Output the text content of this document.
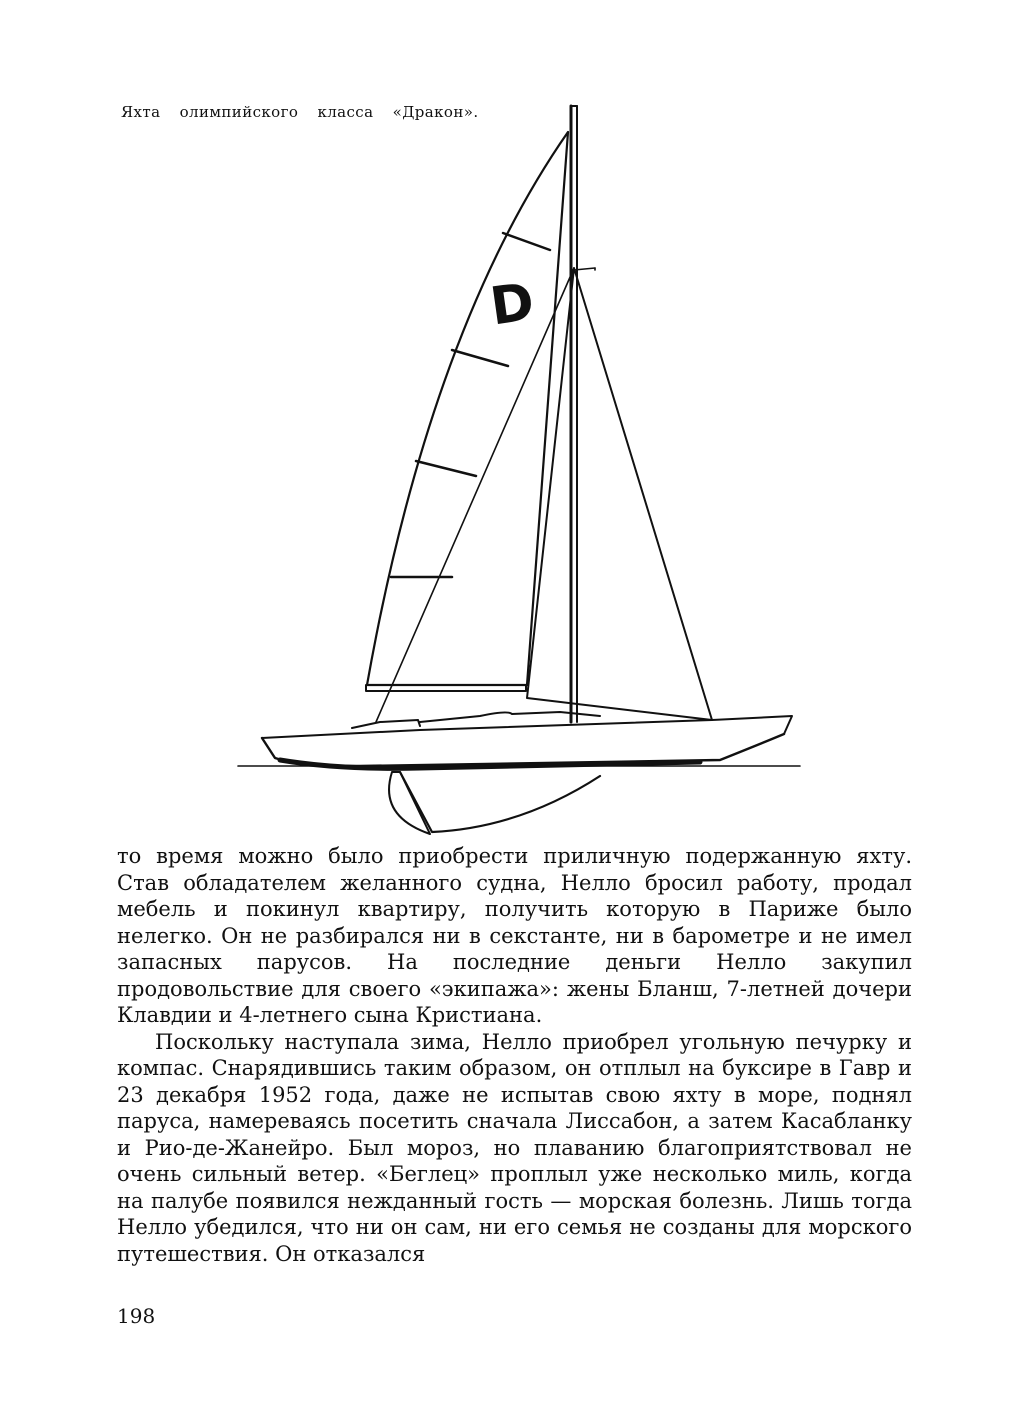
Яхта олимпийского класса «Дракон».
D

то время можно было приобрести приличную подержанную яхту. Став обладателем желанного судна, Нелло бросил работу, продал мебель и покинул квартиру, получить которую в Париже было нелегко. Он не разбирался ни в секстанте, ни в барометре и не имел запасных парусов. На последние деньги Нелло закупил продовольствие для своего «экипажа»: жены Бланш, 7-летней дочери Клавдии и 4-летнего сына Кристиана.

Поскольку наступала зима, Нелло приобрел угольную печурку и компас. Снарядившись таким образом, он отплыл на буксире в Гавр и 23 декабря 1952 года, даже не испытав свою яхту в море, поднял паруса, намереваясь посетить сначала Лиссабон, а затем Касабланку и Рио-де-Жанейро. Был мороз, но плаванию благоприятствовал не очень сильный ветер. «Беглец» проплыл уже несколько миль, когда на палубе появился нежданный гость — морская болезнь. Лишь тогда Нелло убедился, что ни он сам, ни его семья не созданы для морского путешествия. Он отказался

198
